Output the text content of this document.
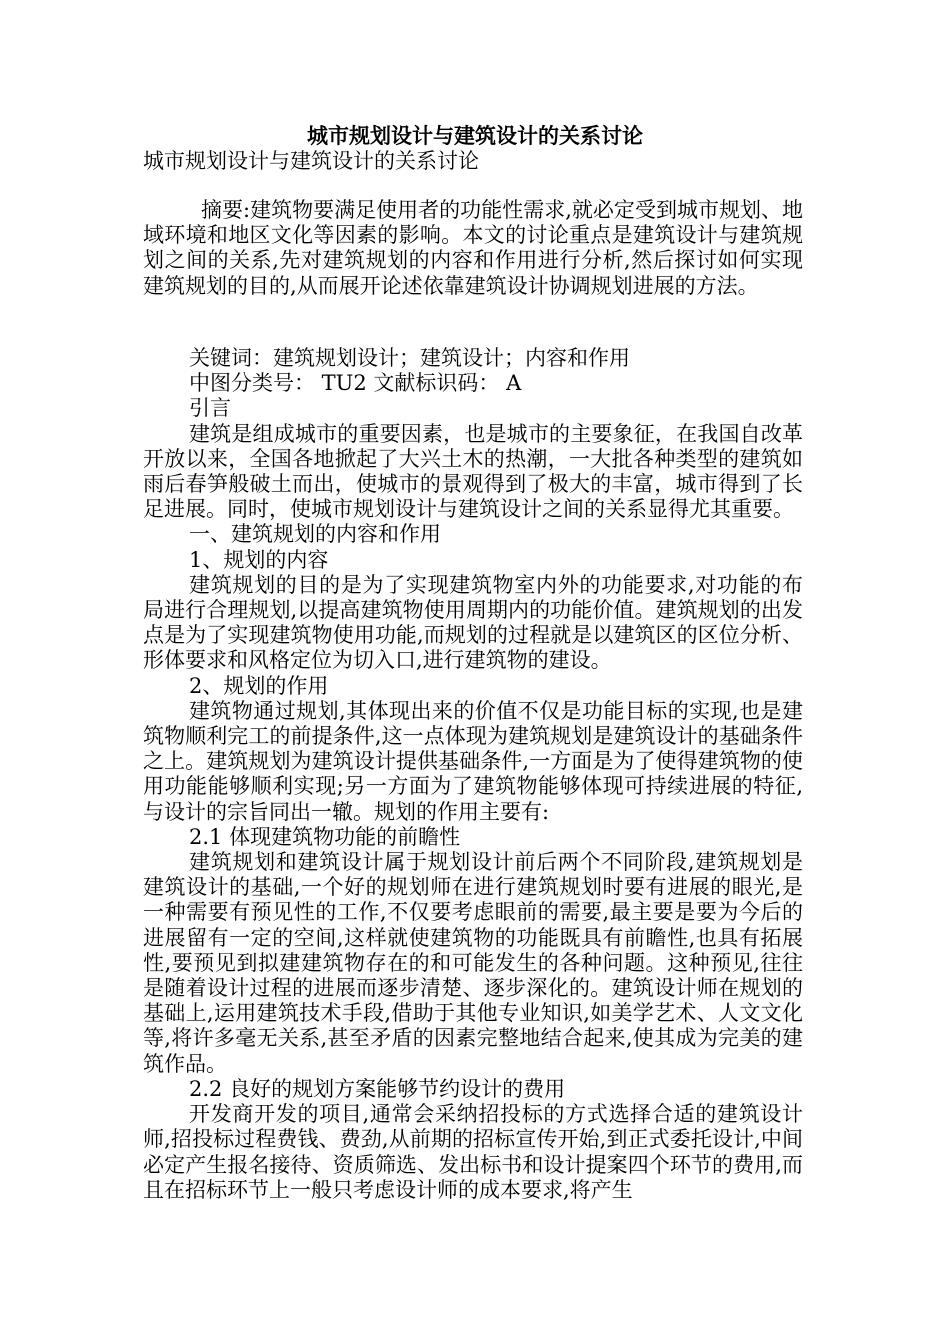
城市规划设计与建筑设计的关系讨论
城市规划设计与建筑设计的关系讨论
摘要:建筑物要满足使用者的功能性需求,就必定受到城市规划、地域环境和地区文化等因素的影响。本文的讨论重点是建筑设计与建筑规划之间的关系,先对建筑规划的内容和作用进行分析,然后探讨如何实现建筑规划的目的,从而展开论述依靠建筑设计协调规划进展的方法。

关键词：建筑规划设计；建筑设计；内容和作用

中图分类号： TU2 文献标识码： A

引言

建筑是组成城市的重要因素，也是城市的主要象征，在我国自改革开放以来，全国各地掀起了大兴土木的热潮，一大批各种类型的建筑如雨后春笋般破土而出，使城市的景观得到了极大的丰富，城市得到了长足进展。同时，使城市规划设计与建筑设计之间的关系显得尤其重要。

一、建筑规划的内容和作用

1、规划的内容

建筑规划的目的是为了实现建筑物室内外的功能要求,对功能的布局进行合理规划,以提高建筑物使用周期内的功能价值。建筑规划的出发点是为了实现建筑物使用功能,而规划的过程就是以建筑区的区位分析、形体要求和风格定位为切入口,进行建筑物的建设。

2、规划的作用

建筑物通过规划,其体现出来的价值不仅是功能目标的实现,也是建筑物顺利完工的前提条件,这一点体现为建筑规划是建筑设计的基础条件之上。建筑规划为建筑设计提供基础条件,一方面是为了使得建筑物的使用功能能够顺利实现;另一方面为了建筑物能够体现可持续进展的特征,与设计的宗旨同出一辙。规划的作用主要有:

2.1 体现建筑物功能的前瞻性

建筑规划和建筑设计属于规划设计前后两个不同阶段,建筑规划是建筑设计的基础,一个好的规划师在进行建筑规划时要有进展的眼光,是一种需要有预见性的工作,不仅要考虑眼前的需要,最主要是要为今后的进展留有一定的空间,这样就使建筑物的功能既具有前瞻性,也具有拓展性,要预见到拟建建筑物存在的和可能发生的各种问题。这种预见,往往是随着设计过程的进展而逐步清楚、逐步深化的。建筑设计师在规划的基础上,运用建筑技术手段,借助于其他专业知识,如美学艺术、人文文化等,将许多毫无关系,甚至矛盾的因素完整地结合起来,使其成为完美的建筑作品。

2.2 良好的规划方案能够节约设计的费用

开发商开发的项目,通常会采纳招投标的方式选择合适的建筑设计师,招投标过程费钱、费劲,从前期的招标宣传开始,到正式委托设计,中间必定产生报名接待、资质筛选、发出标书和设计提案四个环节的费用,而且在招标环节上一般只考虑设计师的成本要求,将产生
